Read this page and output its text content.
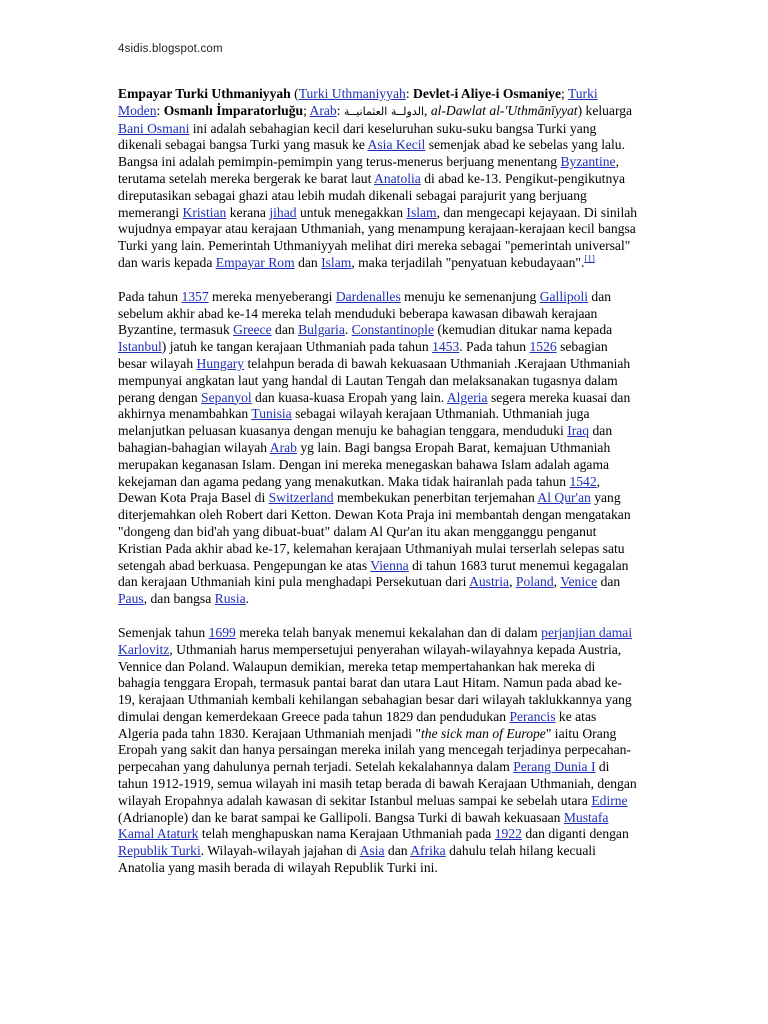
4sidis.blogspot.com

Empayar Turki Uthmaniyyah (Turki Uthmaniyyah: Devlet-i Aliye-i Osmaniye; Turki Moden: Osmanlı İmparatorluğu; Arab: الدولــة العثمانيــة, al-Dawlat al-'Uthmānīyyat) keluarga Bani Osmani ini adalah sebahagian kecil dari keseluruhan suku-suku bangsa Turki yang dikenali sebagai bangsa Turki yang masuk ke Asia Kecil semenjak abad ke sebelas yang lalu. Bangsa ini adalah pemimpin-pemimpin yang terus-menerus berjuang menentang Byzantine, terutama setelah mereka bergerak ke barat laut Anatolia di abad ke-13. Pengikut-pengikutnya direputasikan sebagai ghazi atau lebih mudah dikenali sebagai parajurit yang berjuang memerangi Kristian kerana jihad untuk menegakkan Islam, dan mengecapi kejayaan. Di sinilah wujudnya empayar atau kerajaan Uthmaniah, yang menampung kerajaan-kerajaan kecil bangsa Turki yang lain. Pemerintah Uthmaniyyah melihat diri mereka sebagai "pemerintah universal" dan waris kepada Empayar Rom dan Islam, maka terjadilah "penyatuan kebudayaan".[1]

Pada tahun 1357 mereka menyeberangi Dardenalles menuju ke semenanjung Gallipoli dan sebelum akhir abad ke-14 mereka telah menduduki beberapa kawasan dibawah kerajaan Byzantine, termasuk Greece dan Bulgaria. Constantinople (kemudian ditukar nama kepada Istanbul) jatuh ke tangan kerajaan Uthmaniah pada tahun 1453. Pada tahun 1526 sebagian besar wilayah Hungary telahpun berada di bawah kekuasaan Uthmaniah .Kerajaan Uthmaniah mempunyai angkatan laut yang handal di Lautan Tengah dan melaksanakan tugasnya dalam perang dengan Sepanyol dan kuasa-kuasa Eropah yang lain. Algeria segera mereka kuasai dan akhirnya menambahkan Tunisia sebagai wilayah kerajaan Uthmaniah. Uthmaniah juga melanjutkan peluasan kuasanya dengan menuju ke bahagian tenggara, menduduki Iraq dan bahagian-bahagian wilayah Arab yg lain. Bagi bangsa Eropah Barat, kemajuan Uthmaniah merupakan keganasan Islam. Dengan ini mereka menegaskan bahawa Islam adalah agama kekejaman dan agama pedang yang menakutkan. Maka tidak hairanlah pada tahun 1542, Dewan Kota Praja Basel di Switzerland membekukan penerbitan terjemahan Al Qur'an yang diterjemahkan oleh Robert dari Ketton. Dewan Kota Praja ini membantah dengan mengatakan "dongeng dan bid'ah yang dibuat-buat" dalam Al Qur'an itu akan mengganggu penganut Kristian Pada akhir abad ke-17, kelemahan kerajaan Uthmaniyah mulai terserlah selepas satu setengah abad berkuasa. Pengepungan ke atas Vienna di tahun 1683 turut menemui kegagalan dan kerajaan Uthmaniah kini pula menghadapi Persekutuan dari Austria, Poland, Venice dan Paus, dan bangsa Rusia.

Semenjak tahun 1699 mereka telah banyak menemui kekalahan dan di dalam perjanjian damai Karlovitz, Uthmaniah harus mempersetujui penyerahan wilayah-wilayahnya kepada Austria, Vennice dan Poland. Walaupun demikian, mereka tetap mempertahankan hak mereka di bahagia tenggara Eropah, termasuk pantai barat dan utara Laut Hitam. Namun pada abad ke-19, kerajaan Uthmaniah kembali kehilangan sebahagian besar dari wilayah taklukkannya yang dimulai dengan kemerdekaan Greece pada tahun 1829 dan pendudukan Perancis ke atas Algeria pada tahn 1830. Kerajaan Uthmaniah menjadi "the sick man of Europe" iaitu Orang Eropah yang sakit dan hanya persaingan mereka inilah yang mencegah terjadinya perpecahan-perpecahan yang dahulunya pernah terjadi. Setelah kekalahannya dalam Perang Dunia I di tahun 1912-1919, semua wilayah ini masih tetap berada di bawah Kerajaan Uthmaniah, dengan wilayah Eropahnya adalah kawasan di sekitar Istanbul meluas sampai ke sebelah utara Edirne (Adrianople) dan ke barat sampai ke Gallipoli. Bangsa Turki di bawah kekuasaan Mustafa Kamal Ataturk telah menghapuskan nama Kerajaan Uthmaniah pada 1922 dan diganti dengan Republik Turki. Wilayah-wilayah jajahan di Asia dan Afrika dahulu telah hilang kecuali Anatolia yang masih berada di wilayah Republik Turki ini.
